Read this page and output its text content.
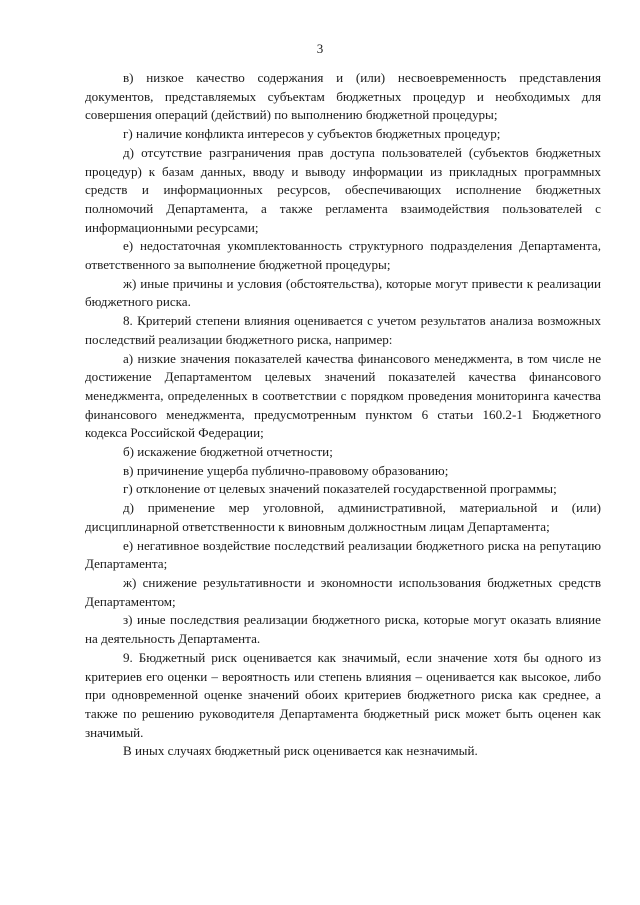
3

в) низкое качество содержания и (или) несвоевременность представления документов, представляемых субъектам бюджетных процедур и необходимых для совершения операций (действий) по выполнению бюджетной процедуры;

г) наличие конфликта интересов у субъектов бюджетных процедур;

д) отсутствие разграничения прав доступа пользователей (субъектов бюджетных процедур) к базам данных, вводу и выводу информации из прикладных программных средств и информационных ресурсов, обеспечивающих исполнение бюджетных полномочий Департамента, а также регламента взаимодействия пользователей с информационными ресурсами;

е) недостаточная укомплектованность структурного подразделения Департамента, ответственного за выполнение бюджетной процедуры;

ж) иные причины и условия (обстоятельства), которые могут привести к реализации бюджетного риска.

8. Критерий степени влияния оценивается с учетом результатов анализа возможных последствий реализации бюджетного риска, например:

а) низкие значения показателей качества финансового менеджмента, в том числе не достижение Департаментом целевых значений показателей качества финансового менеджмента, определенных в соответствии с порядком проведения мониторинга качества финансового менеджмента, предусмотренным пунктом 6 статьи 160.2-1 Бюджетного кодекса Российской Федерации;

б) искажение бюджетной отчетности;

в) причинение ущерба публично-правовому образованию;

г) отклонение от целевых значений показателей государственной программы;

д) применение мер уголовной, административной, материальной и (или) дисциплинарной ответственности к виновным должностным лицам Департамента;

е) негативное воздействие последствий реализации бюджетного риска на репутацию Департамента;

ж) снижение результативности и экономности использования бюджетных средств Департаментом;

з) иные последствия реализации бюджетного риска, которые могут оказать влияние на деятельность Департамента.

9. Бюджетный риск оценивается как значимый, если значение хотя бы одного из критериев его оценки – вероятность или степень влияния – оценивается как высокое, либо при одновременной оценке значений обоих критериев бюджетного риска как среднее, а также по решению руководителя Департамента бюджетный риск может быть оценен как значимый.

В иных случаях бюджетный риск оценивается как незначимый.
